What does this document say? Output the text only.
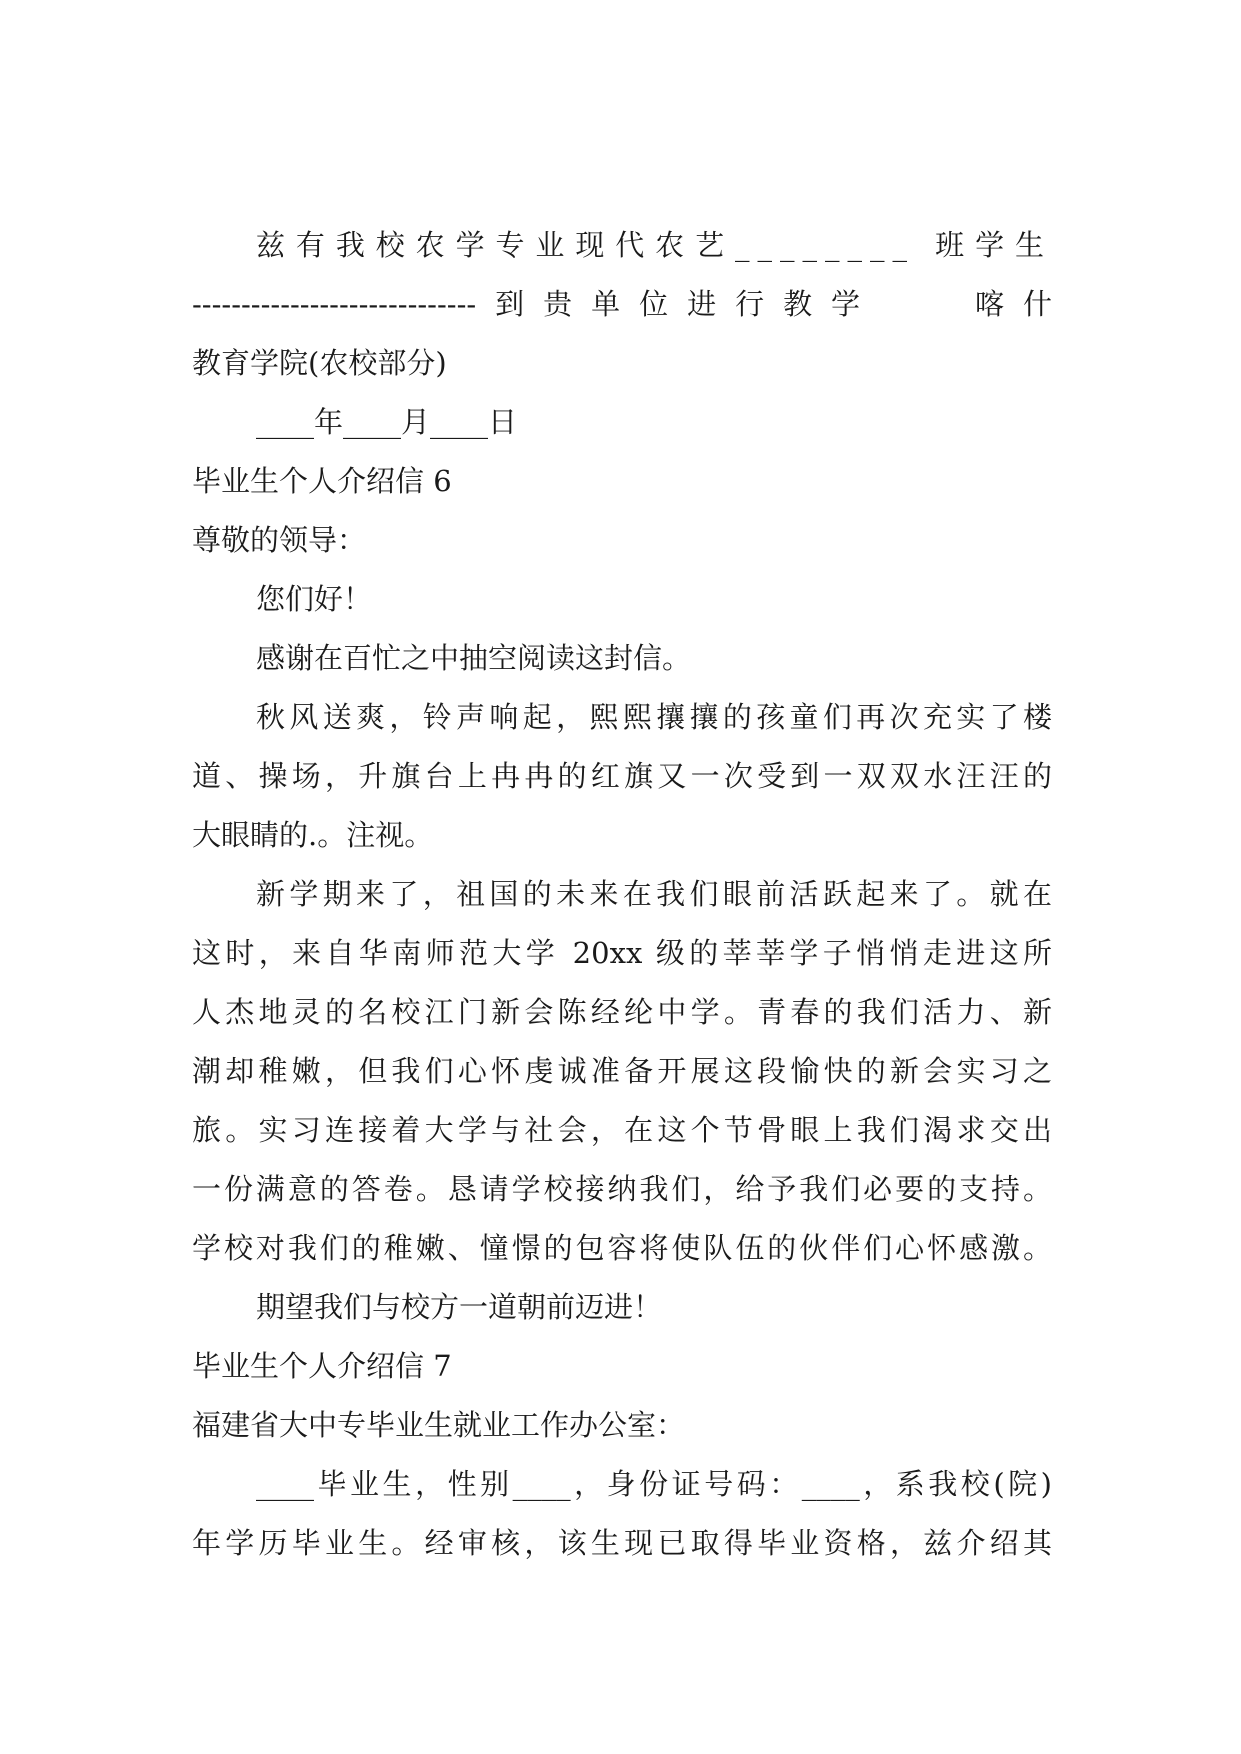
兹有我校农学专业现代农艺________ 班学生
-----------------------------到贵单位进行教学　　喀什
教育学院(农校部分)
____年____月____日
毕业生个人介绍信 6
尊敬的领导：
您们好！
感谢在百忙之中抽空阅读这封信。
秋风送爽，铃声响起，熙熙攘攘的孩童们再次充实了楼
道、操场，升旗台上冉冉的红旗又一次受到一双双水汪汪的
大眼睛的.。注视。
新学期来了，祖国的未来在我们眼前活跃起来了。就在
这时，来自华南师范大学 20xx 级的莘莘学子悄悄走进这所
人杰地灵的名校江门新会陈经纶中学。青春的我们活力、新
潮却稚嫩，但我们心怀虔诚准备开展这段愉快的新会实习之
旅。实习连接着大学与社会，在这个节骨眼上我们渴求交出
一份满意的答卷。恳请学校接纳我们，给予我们必要的支持。
学校对我们的稚嫩、憧憬的包容将使队伍的伙伴们心怀感激。
期望我们与校方一道朝前迈进！
毕业生个人介绍信 7
福建省大中专毕业生就业工作办公室：
____毕业生，性别____，身份证号码：____，系我校(院)
年学历毕业生。经审核，该生现已取得毕业资格，兹介绍其
